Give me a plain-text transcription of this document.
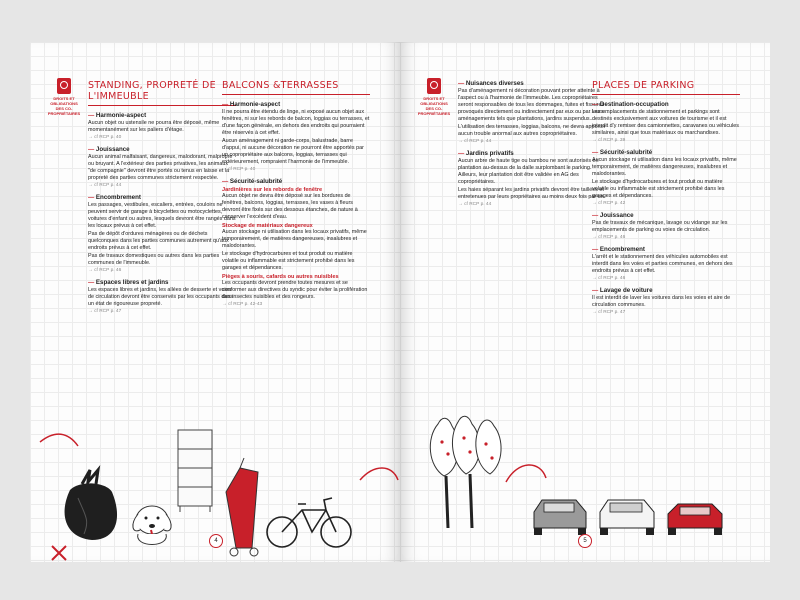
DROITS ET
OBLIGATIONS
DES CO-
PROPRIÉTAIRES
STANDING, PROPRETÉ DE L'IMMEUBLE
— Harmonie-aspect
Aucun objet ou ustensile ne pourra être déposé, même momentanément sur les paliers d'étage.
→ cf RCP p. 40
— Jouissance
Aucun animal malfaisant, dangereux, malodorant, malpropre ou bruyant. A l'extérieur des parties privatives, les animaux "de compagnie" devront être portés ou tenus en laisse et la propreté des parties communes strictement respectée.
→ cf RCP p. 44
— Encombrement
Les passages, vestibules, escaliers, entrées, couloirs ne peuvent servir de garage à bicyclettes ou motocyclettes, voitures d'enfant ou autres, lesquels devront être rangés dans les locaux prévus à cet effet.
Pas de dépôt d'ordures ménagères ou de déchets quelconques dans les parties communes autrement qu'aux endroits prévus à cet effet.
Pas de travaux domestiques ou autres dans les parties communes de l'immeuble.
→ cf RCP p. 46
— Espaces libres et jardins
Les espaces libres et jardins, les allées de desserte et voies de circulation devront être conservés par les occupants dans un état de rigoureuse propreté.
→ cf RCP p. 47
BALCONS &TERRASSES
— Harmonie-aspect
Il ne pourra être étendu de linge, ni exposé aucun objet aux fenêtres, ni sur les rebords de balcon, loggias ou terrasses, et d'une façon générale, en dehors des endroits qui pourraient être réservés à cet effet.
Aucun aménagement ni garde-corps, balustrade, barre d'appui, ni aucune décoration ne pourront être apportés par un copropriétaire aux balcons, loggias, terrasses qui extérieurement, rompraient l'harmonie de l'immeuble.
→ cf RCP p. 40
— Sécurité-salubrité
Jardinières sur les rebords de fenêtre
Aucun objet ne devra être déposé sur les bordures de fenêtres, balcons, loggias, terrasses, les vases à fleurs devront être fixés sur des dessous étanches, de nature à conserver l'excédent d'eau.
Stockage de matériaux dangereux
Aucun stockage ni utilisation dans les locaux privatifs, même temporairement, de matières dangereuses, insalubres et malodorantes.
Le stockage d'hydrocarbures et tout produit ou matière volatile ou inflammable est strictement prohibé dans les garages et dépendances.
Pièges à souris, cafards ou autres nuisibles
Les occupants devront prendre toutes mesures et se conformer aux directives du syndic pour éviter la prolifération des insectes nuisibles et des rongeurs.
→ cf RCP p. 42-43
4
DROITS ET
OBLIGATIONS
DES CO-
PROPRIÉTAIRES
— Nuisances diverses
Pas d'aménagement ni décoration pouvant porter atteinte à l'aspect ou à l'harmonie de l'immeuble. Les copropriétaires seront responsables de tous les dommages, fuites et fissures provoqués directement ou indirectement par eux ou par leurs aménagements tels que plantations, jardins suspendus...
L'utilisation des terrasses, loggias, balcons, ne devra apporter aucun trouble anormal aux autres copropriétaires.
→ cf RCP p. 44
— Jardins privatifs
Aucun arbre de haute tige ou bambou ne sont autorisés en plantation au-dessus de la dalle surplombant le parking. Ailleurs, leur plantation doit être validée en AG des copropriétaires.
Les haies séparant les jardins privatifs devront être taillées et entretenues par leurs propriétaires au moins deux fois par an.
→ cf RCP p. 44
PLACES DE PARKING
— Destination-occupation
Les emplacements de stationnement et parkings sont destinés exclusivement aux voitures de tourisme et il est interdit d'y remiser des camionnettes, caravanes ou véhicules similaires, ainsi que tous matériaux ou marchandises.
→ cf RCP p. 39
— Sécurité-salubrité
Aucun stockage ni utilisation dans les locaux privatifs, même temporairement, de matières dangereuses, insalubres et malodorantes.
Le stockage d'hydrocarbures et tout produit ou matière volatile ou inflammable est strictement prohibé dans les garages et dépendances.
→ cf RCP p. 42
— Jouissance
Pas de travaux de mécanique, lavage ou vidange sur les emplacements de parking ou voies de circulation.
→ cf RCP p. 46
— Encombrement
L'arrêt et le stationnement des véhicules automobiles est interdit dans les voies et parties communes, en dehors des endroits prévus à cet effet.
→ cf RCP p. 46
— Lavage de voiture
Il est interdit de laver les voitures dans les voies et aire de circulation communes.
→ cf RCP p. 47
5
